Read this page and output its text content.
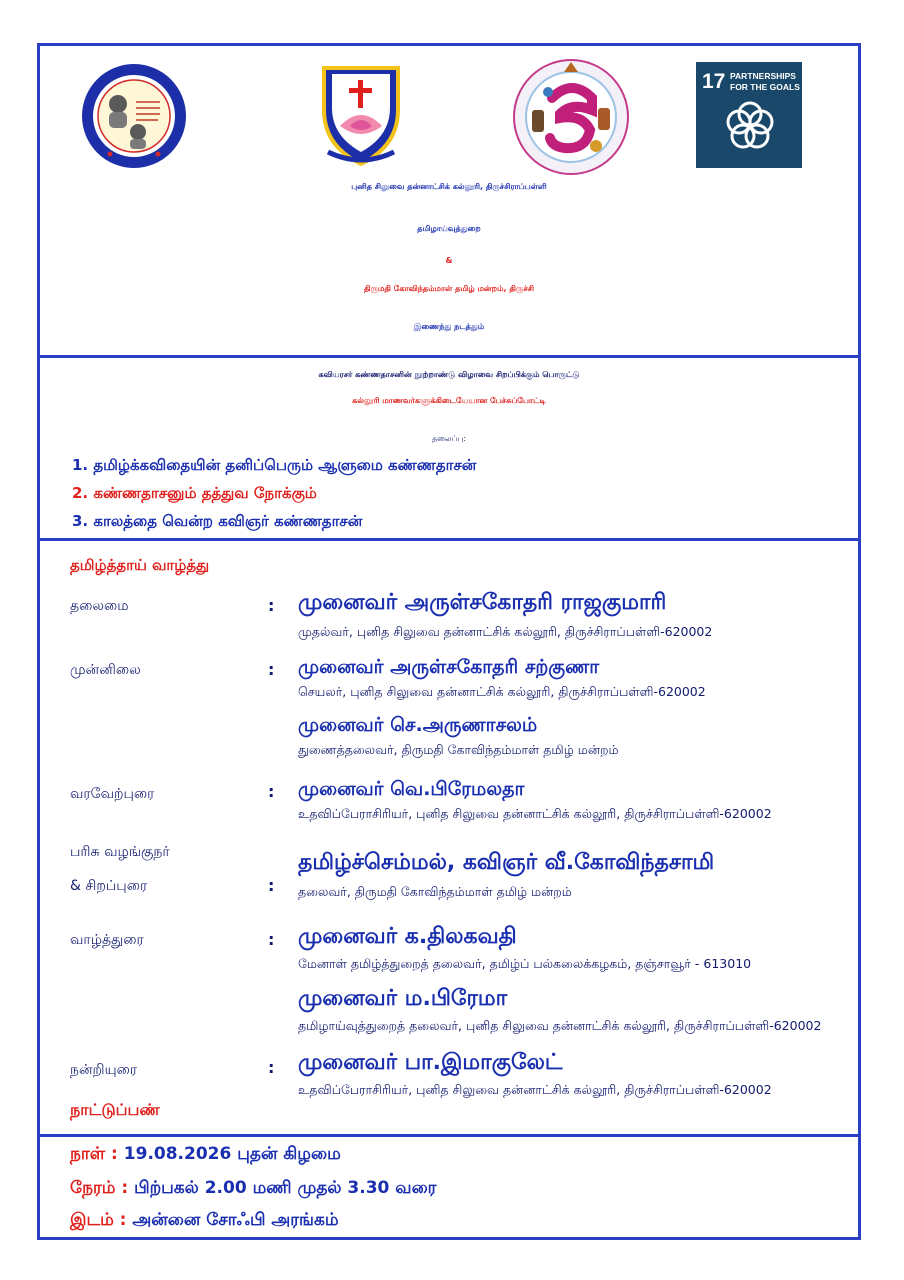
17 PARTNERSHIPS
FOR THE GOALS
புனித சிலுவை தன்னாட்சிக் கல்லூரி, திருச்சிராப்பள்ளி
தமிழாய்வுத்துறை
&
திருமதி கோவிந்தம்மாள் தமிழ் மன்றம், திருச்சி
இணைந்து நடத்தும்
கவியரசர் கண்ணதாசனின் நூற்றாண்டு விழாவை சிறப்பிக்கும் பொருட்டு
கல்லூரி மாணவர்களுக்கிடையேயான பேச்சுப்போட்டி
தலைப்பு:
1. தமிழ்க்கவிதையின் தனிப்பெரும் ஆளுமை கண்ணதாசன்
2. கண்ணதாசனும் தத்துவ நோக்கும்
3. காலத்தை வென்ற கவிஞர் கண்ணதாசன்
தமிழ்த்தாய் வாழ்த்து
தலைமை	: முனைவர் அருள்சகோதரி ராஜகுமாரி
முதல்வர், புனித சிலுவை தன்னாட்சிக் கல்லூரி, திருச்சிராப்பள்ளி-620002
முன்னிலை	: முனைவர் அருள்சகோதரி சற்குணா
செயலர், புனித சிலுவை தன்னாட்சிக் கல்லூரி, திருச்சிராப்பள்ளி-620002
முனைவர் செ.அருணாசலம்
துணைத்தலைவர், திருமதி கோவிந்தம்மாள் தமிழ் மன்றம்
வரவேற்புரை	: முனைவர் வெ.பிரேமலதா
உதவிப்பேராசிரியர், புனித சிலுவை தன்னாட்சிக் கல்லூரி, திருச்சிராப்பள்ளி-620002
பரிசு வழங்குநர்
& சிறப்புரை	:
தமிழ்ச்செம்மல், கவிஞர் வீ.கோவிந்தசாமி
தலைவர், திருமதி கோவிந்தம்மாள் தமிழ் மன்றம்
வாழ்த்துரை	: முனைவர் க.திலகவதி
மேனாள் தமிழ்த்துறைத் தலைவர், தமிழ்ப் பல்கலைக்கழகம், தஞ்சாவூர் - 613010
முனைவர் ம.பிரேமா
தமிழாய்வுத்துறைத் தலைவர், புனித சிலுவை தன்னாட்சிக் கல்லூரி, திருச்சிராப்பள்ளி-620002
நன்றியுரை	: முனைவர் பா.இமாகுலேட்
உதவிப்பேராசிரியர், புனித சிலுவை தன்னாட்சிக் கல்லூரி, திருச்சிராப்பள்ளி-620002
நாட்டுப்பண்
நாள் : 19.08.2026 புதன் கிழமை
நேரம் : பிற்பகல் 2.00 மணி முதல் 3.30 வரை
இடம் : அன்னை சோஃபி அரங்கம்
